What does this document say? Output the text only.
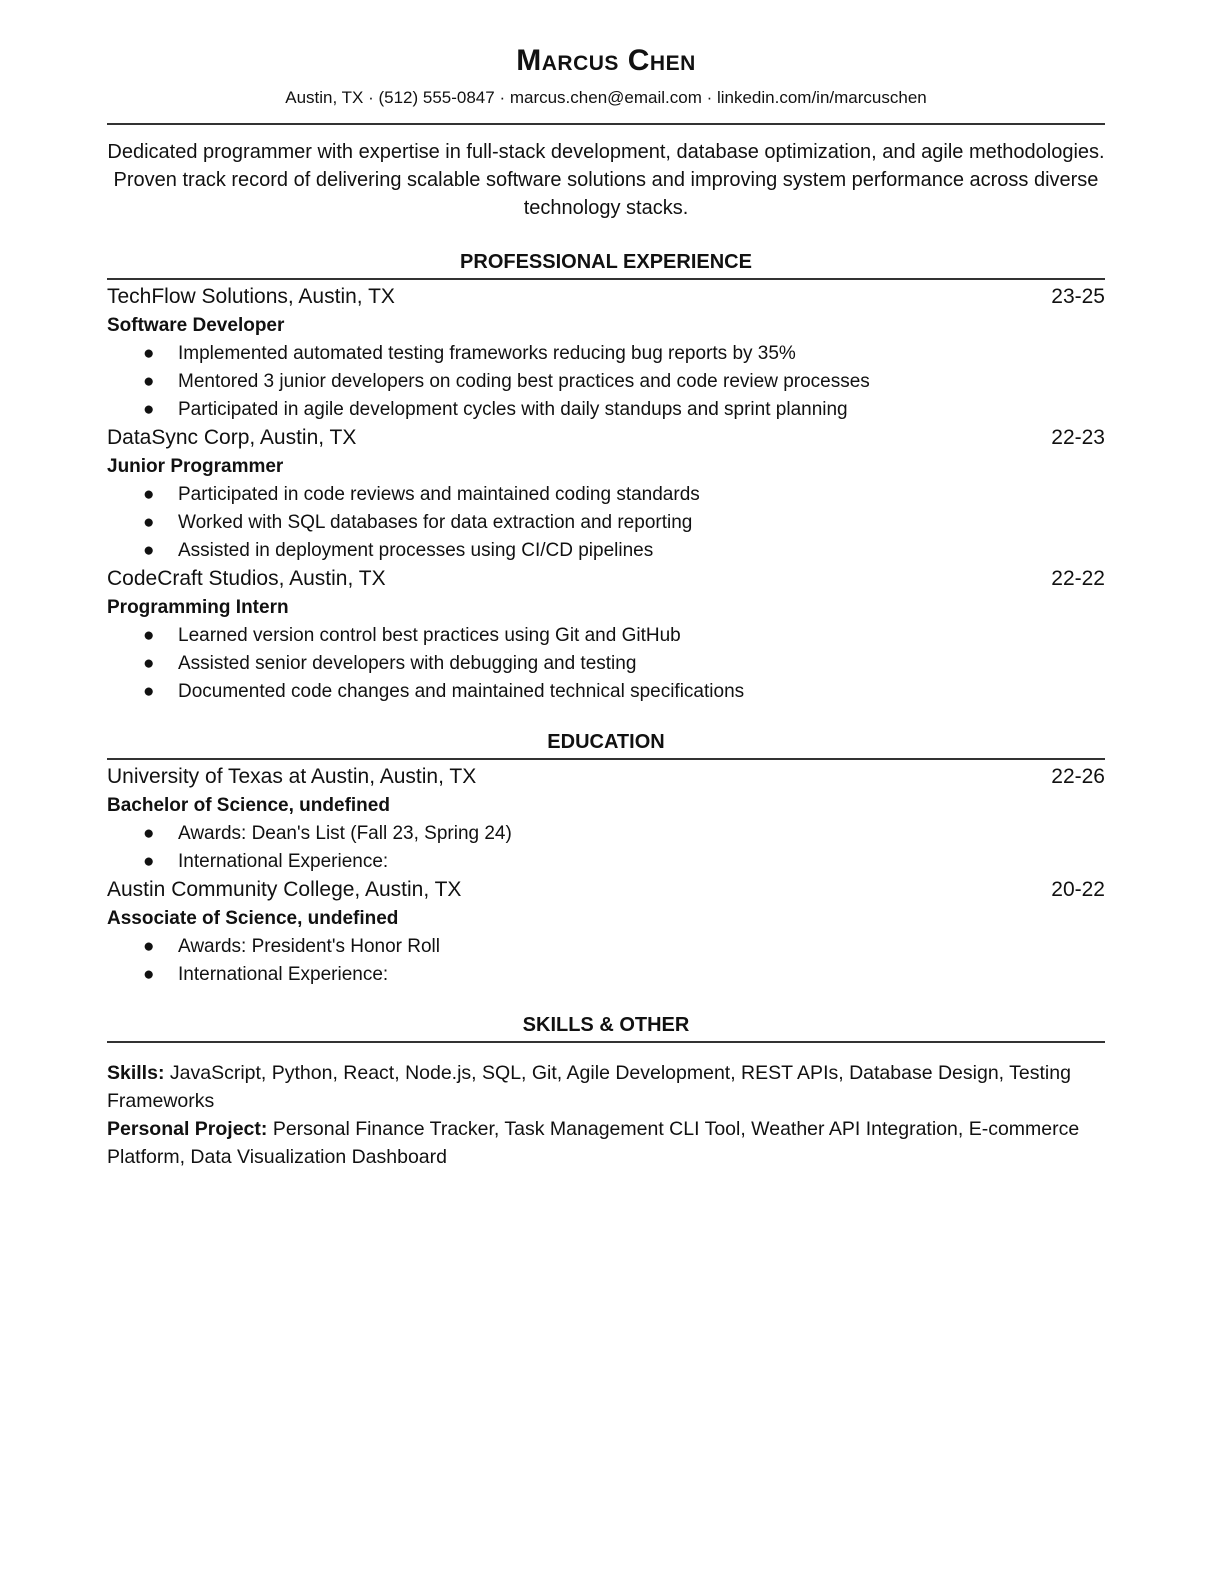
Marcus Chen
Austin, TX · (512) 555-0847 · marcus.chen@email.com · linkedin.com/in/marcuschen
Dedicated programmer with expertise in full-stack development, database optimization, and agile methodologies. Proven track record of delivering scalable software solutions and improving system performance across diverse technology stacks.
PROFESSIONAL EXPERIENCE
TechFlow Solutions, Austin, TX	23-25
Software Developer
● Implemented automated testing frameworks reducing bug reports by 35%
● Mentored 3 junior developers on coding best practices and code review processes
● Participated in agile development cycles with daily standups and sprint planning
DataSync Corp, Austin, TX	22-23
Junior Programmer
● Participated in code reviews and maintained coding standards
● Worked with SQL databases for data extraction and reporting
● Assisted in deployment processes using CI/CD pipelines
CodeCraft Studios, Austin, TX	22-22
Programming Intern
● Learned version control best practices using Git and GitHub
● Assisted senior developers with debugging and testing
● Documented code changes and maintained technical specifications
EDUCATION
University of Texas at Austin, Austin, TX	22-26
Bachelor of Science, undefined
● Awards: Dean's List (Fall 23, Spring 24)
● International Experience:
Austin Community College, Austin, TX	20-22
Associate of Science, undefined
● Awards: President's Honor Roll
● International Experience:
SKILLS & OTHER
Skills: JavaScript, Python, React, Node.js, SQL, Git, Agile Development, REST APIs, Database Design, Testing Frameworks
Personal Project: Personal Finance Tracker, Task Management CLI Tool, Weather API Integration, E-commerce Platform, Data Visualization Dashboard
